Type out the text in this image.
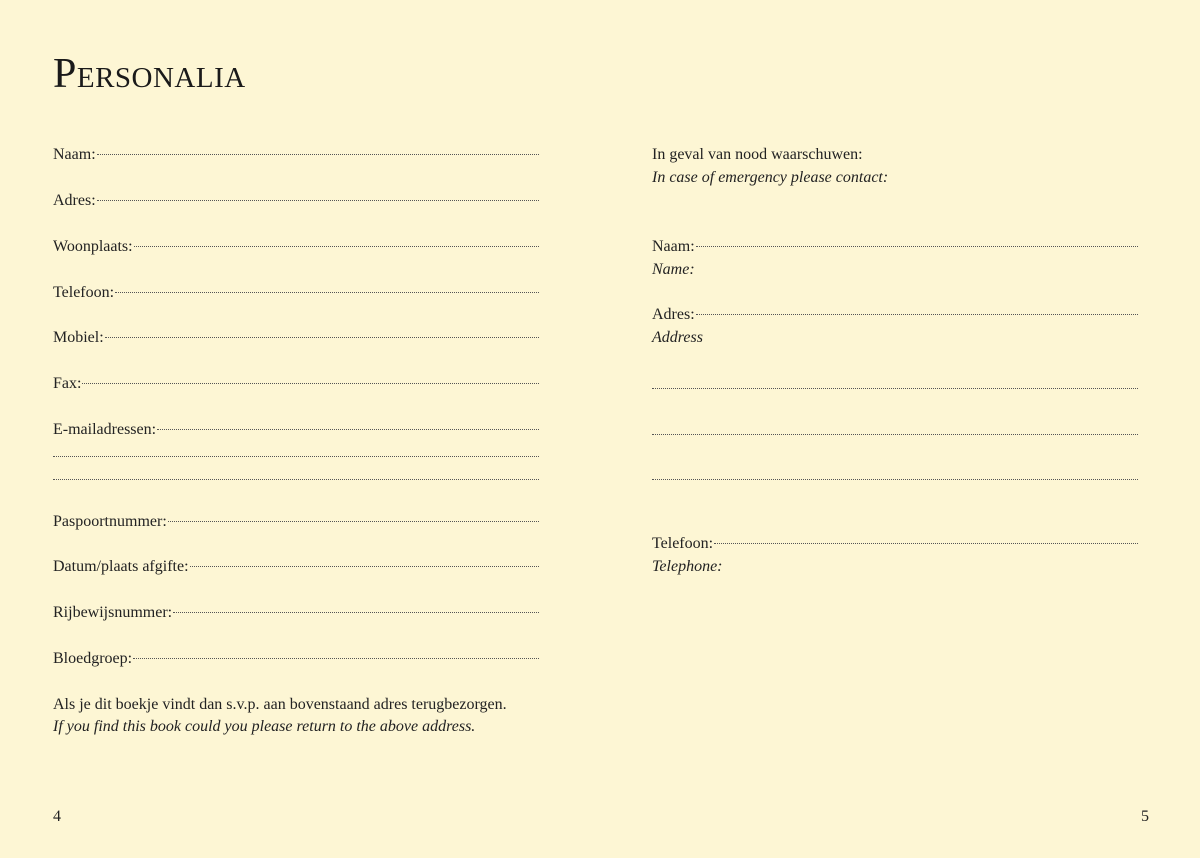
Personalia
Naam:
Adres:
Woonplaats:
Telefoon:
Mobiel:
Fax:
E-mailadressen:
Paspoortnummer:
Datum/plaats afgifte:
Rijbewijsnummer:
Bloedgroep:
Als je dit boekje vindt dan s.v.p. aan bovenstaand adres terugbezorgen.
If you find this book could you please return to the above address.
In geval van nood waarschuwen:
In case of emergency please contact:
Naam:
Name:
Adres:
Address
Telefoon:
Telephone:
4	5
